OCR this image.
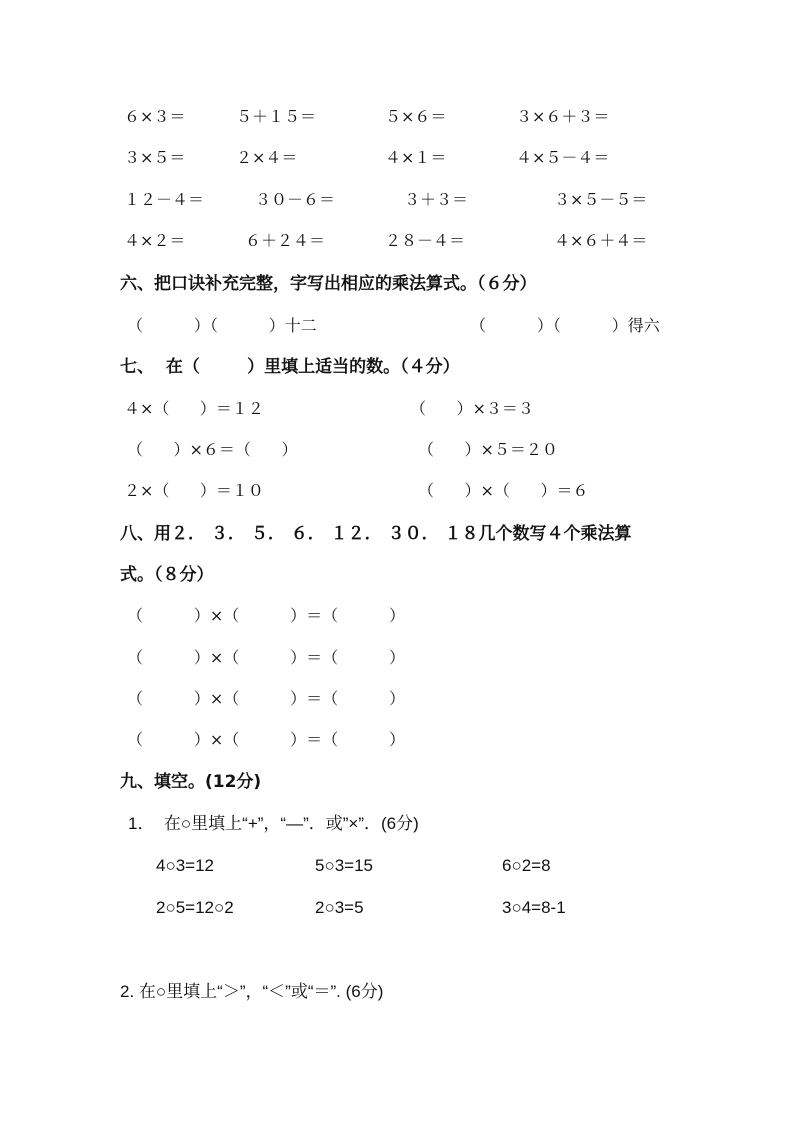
６×３＝	５＋１５＝	５×６＝	３×６＋３＝
３×５＝	２×４＝	４×１＝	４×５－４＝
１２－４＝	３０－６＝	３＋３＝	３×５－５＝
４×２＝	６＋２４＝	２８－４＝	４×６＋４＝
六、把口诀补充完整，字写出相应的乘法算式。（６分）
（          ）（          ）十二	（          ）（          ）得六
七、  在（        ）里填上适当的数。（４分）
４×（      ）＝１２	（      ）×３＝３
（      ）×６＝（      ）	（      ）×５＝２０
２×（      ）＝１０	（      ）×（      ）＝６
八、用２． ３． ５． ６． １２． ３０． １８几个数写４个乘法算
式。（８分）
（          ）×（          ）＝（          ）
（          ）×（          ）＝（          ）
（          ）×（          ）＝（          ）
（          ）×（          ）＝（          ）
九、填空。(12分)
1．  在○里填上“+”，“—”．或”×”．(6分)
4○3=12	5○3=15	6○2=8
2○5=12○2	2○3=5	3○4=8-1
2. 在○里填上“＞”，“＜”或“＝”. (6分)
